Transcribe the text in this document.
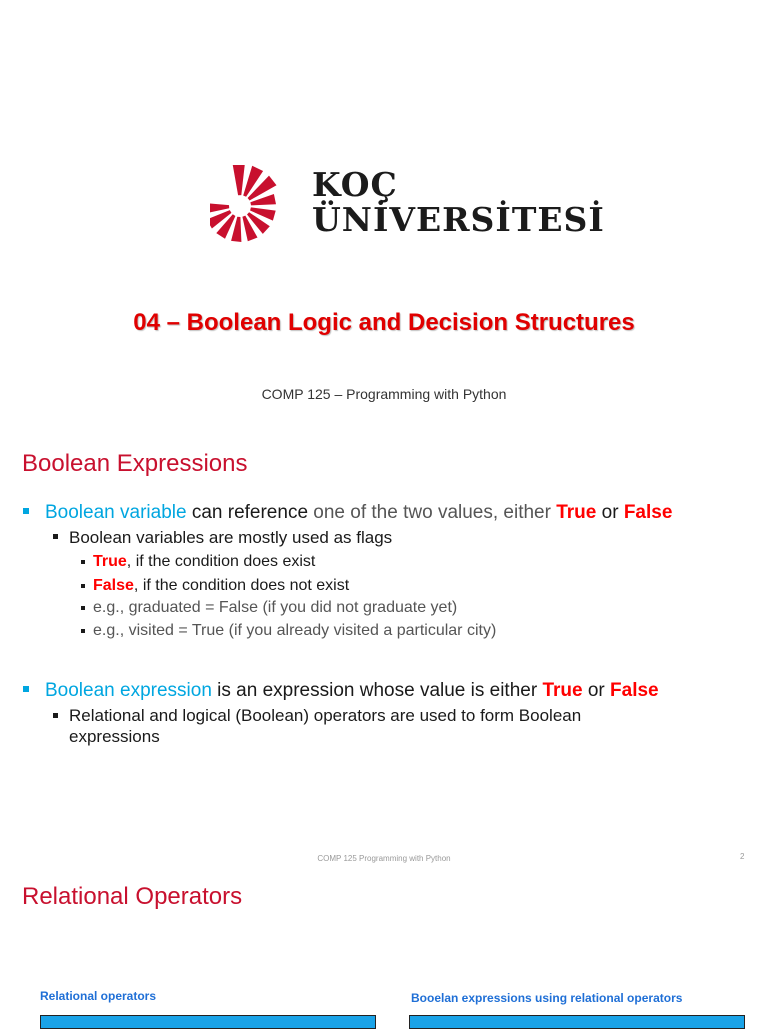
KOÇ
ÜNİVERSİTESİ
04 – Boolean Logic and Decision Structures
COMP 125 – Programming with Python
Boolean Expressions
Boolean variable can reference one of the two values, either True or False
Boolean variables are mostly used as flags
True, if the condition does exist
False, if the condition does not exist
e.g., graduated = False (if you did not graduate yet)
e.g., visited = True (if you already visited a particular city)
Boolean expression is an expression whose value is either True or False
Relational and logical (Boolean) operators are used to form Boolean
expressions
COMP 125 Programming with Python	2
Relational Operators
Relational operators	Booelan expressions using relational operators
